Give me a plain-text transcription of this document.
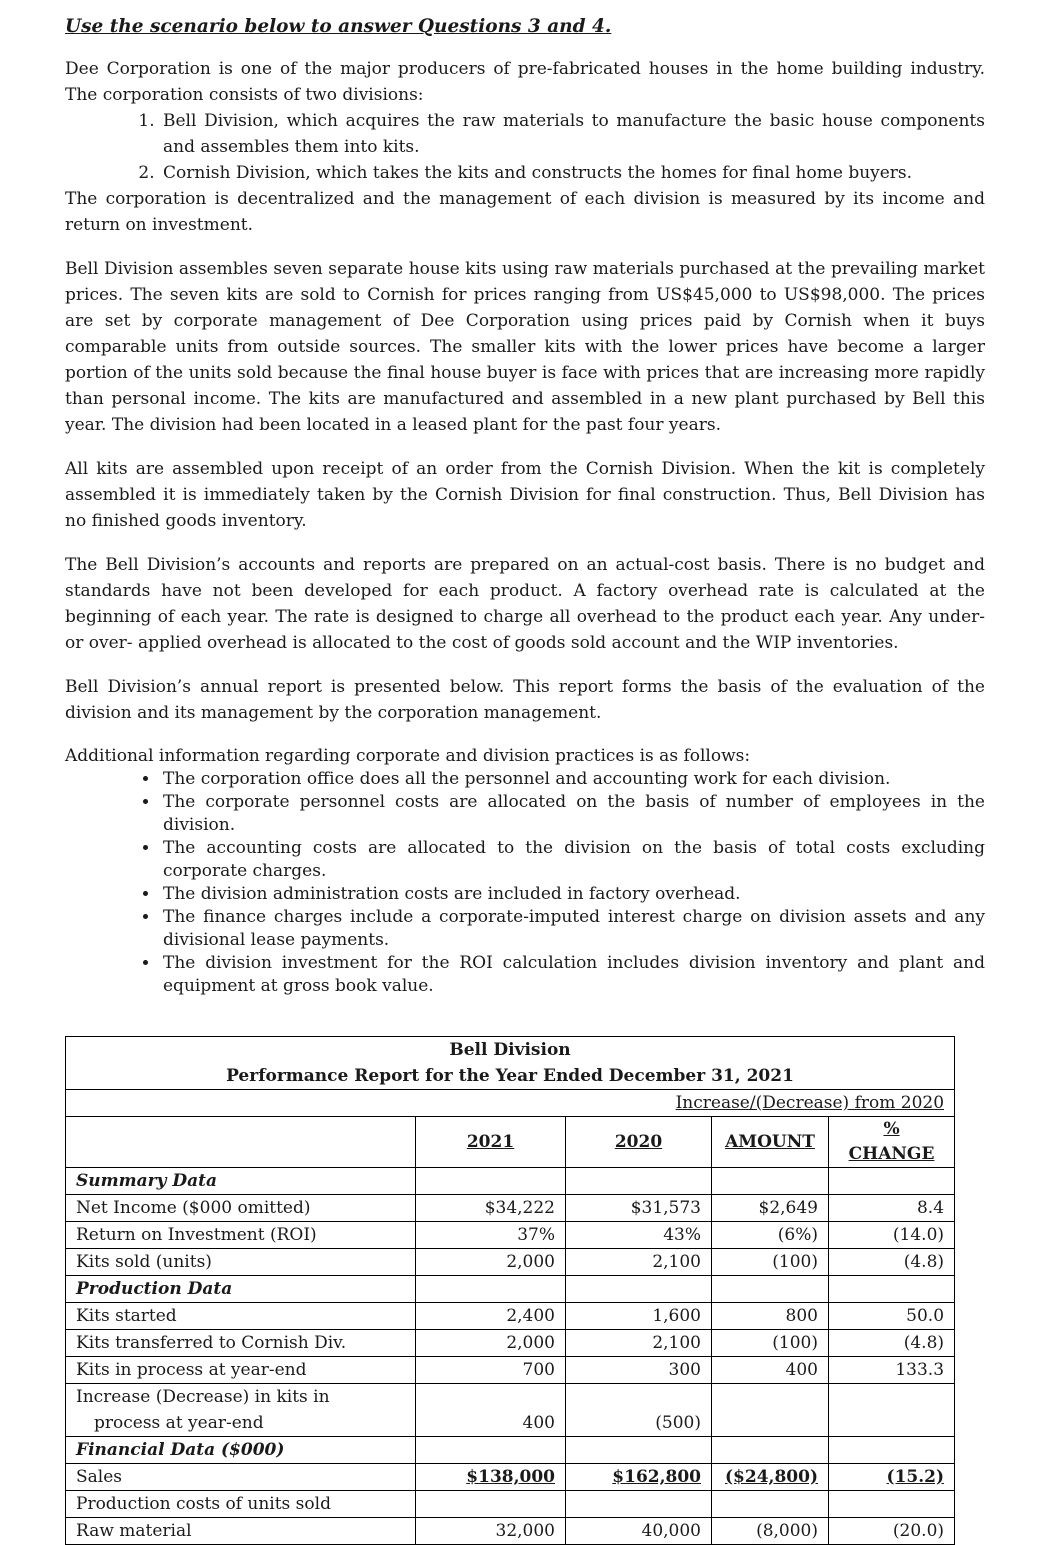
Use the scenario below to answer Questions 3 and 4.

Dee Corporation is one of the major producers of pre-fabricated houses in the home building industry. The corporation consists of two divisions:

1. Bell Division, which acquires the raw materials to manufacture the basic house components and assembles them into kits.
2. Cornish Division, which takes the kits and constructs the homes for final home buyers.
The corporation is decentralized and the management of each division is measured by its income and return on investment.

Bell Division assembles seven separate house kits using raw materials purchased at the prevailing market prices. The seven kits are sold to Cornish for prices ranging from US$45,000 to US$98,000. The prices are set by corporate management of Dee Corporation using prices paid by Cornish when it buys comparable units from outside sources. The smaller kits with the lower prices have become a larger portion of the units sold because the final house buyer is face with prices that are increasing more rapidly than personal income. The kits are manufactured and assembled in a new plant purchased by Bell this year. The division had been located in a leased plant for the past four years.

All kits are assembled upon receipt of an order from the Cornish Division. When the kit is completely assembled it is immediately taken by the Cornish Division for final construction. Thus, Bell Division has no finished goods inventory.

The Bell Division’s accounts and reports are prepared on an actual-cost basis. There is no budget and standards have not been developed for each product. A factory overhead rate is calculated at the beginning of each year. The rate is designed to charge all overhead to the product each year. Any under- or over- applied overhead is allocated to the cost of goods sold account and the WIP inventories.

Bell Division’s annual report is presented below. This report forms the basis of the evaluation of the division and its management by the corporation management.

Additional information regarding corporate and division practices is as follows:
• The corporation office does all the personnel and accounting work for each division.
• The corporate personnel costs are allocated on the basis of number of employees in the division.
• The accounting costs are allocated to the division on the basis of total costs excluding corporate charges.
• The division administration costs are included in factory overhead.
• The finance charges include a corporate-imputed interest charge on division assets and any divisional lease payments.
• The division investment for the ROI calculation includes division inventory and plant and equipment at gross book value.
Bell Division				
Performance Report for the Year Ended December 31, 2021				
Increase/(Decrease) from 2020				
	2021	2020	AMOUNT	% CHANGE
Summary Data				
Net Income ($000 omitted)	$34,222	$31,573	$2,649	8.4
Return on Investment (ROI)	37%	43%	(6%)	(14.0)
Kits sold (units)	2,000	2,100	(100)	(4.8)
Production Data				
Kits started	2,400	1,600	800	50.0
Kits transferred to Cornish Div.	2,000	2,100	(100)	(4.8)
Kits in process at year-end	700	300	400	133.3

Increase (Decrease) in kits in
process at year-end	400	(500)		
Financial Data ($000)				
Sales	$138,000	$162,800	($24,800)	(15.2)
Production costs of units sold				
Raw material	32,000	40,000	(8,000)	(20.0)
